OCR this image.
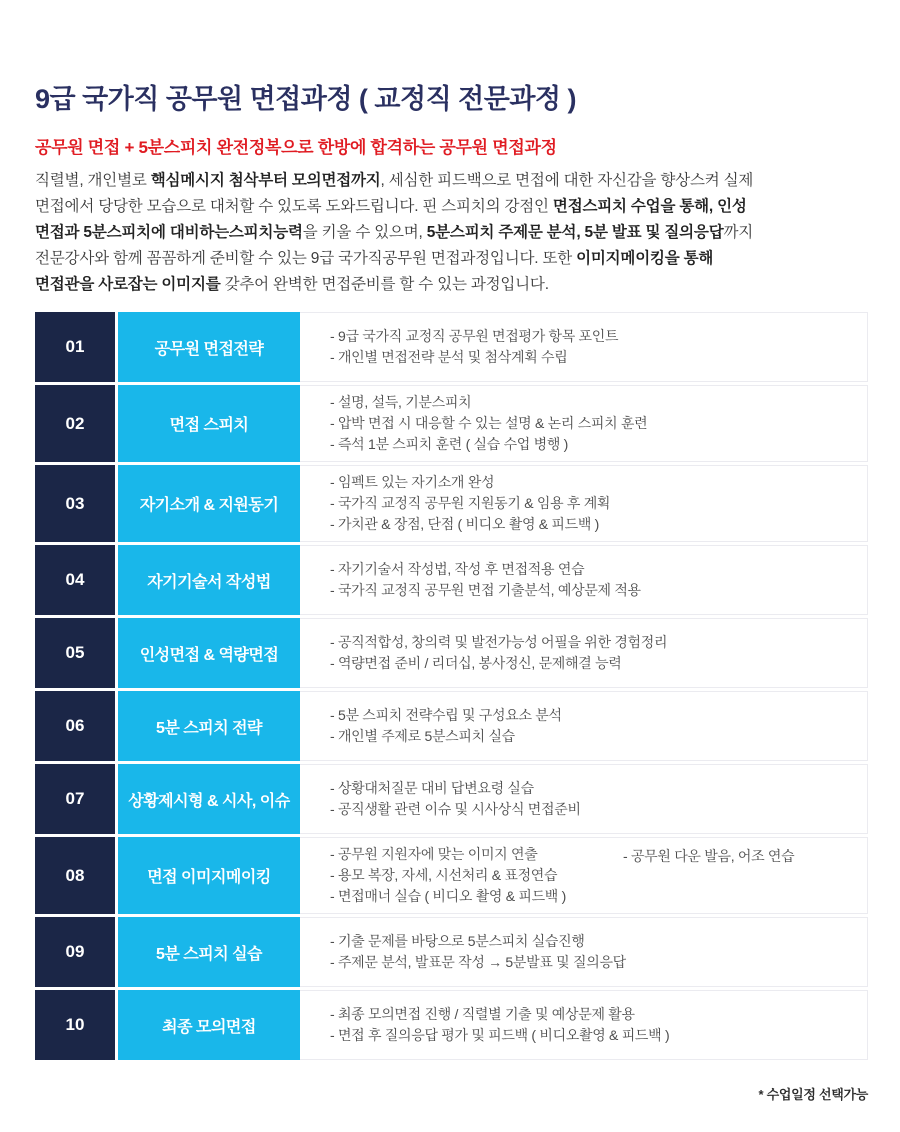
9급 국가직 공무원 면접과정 ( 교정직 전문과정 )
공무원 면접 + 5분스피치 완전정복으로 한방에 합격하는 공무원 면접과정
직렬별, 개인별로 핵심메시지 첨삭부터 모의면접까지, 세심한 피드백으로 면접에 대한 자신감을 향상스켜 실제
면접에서 당당한 모습으로 대처할 수 있도록 도와드립니다. 핀 스피치의 강점인 면접스피치 수업을 통해, 인성
면접과 5분스피치에 대비하는스피치능력을 키울 수 있으며, 5분스피치 주제문 분석, 5분 발표 및 질의응답까지
전문강사와 함께 꼼꼼하게 준비할 수 있는 9급 국가직공무원 면접과정입니다. 또한 이미지메이킹을 통해
면접관을 사로잡는 이미지를 갖추어 완벽한 면접준비를 할 수 있는 과정입니다.
01	공무원 면접전략
- 9급 국가직 교정직 공무원 면접평가 항목 포인트
- 개인별 면접전략 분석 및 첨삭계획 수립
02	면접 스피치
- 설명, 설득, 기분스피치
- 압박 면접 시 대응할 수 있는 설명 & 논리 스피치 훈련
- 즉석 1분 스피치 훈련 ( 실습 수업 병행 )
03	자기소개 & 지원동기
- 임펙트 있는 자기소개 완성
- 국가직 교정직 공무원 지원동기 & 임용 후 계획
- 가치관 & 장점, 단점 ( 비디오 촬영 & 피드백 )
04	자기기술서 작성법
- 자기기술서 작성법, 작성 후 면접적용 연습
- 국가직 교정직 공무원 면접 기출분석, 예상문제 적용
05	인성면접 & 역량면접
- 공직적합성, 창의력 및 발전가능성 어필을 위한 경험정리
- 역량면접 준비 / 리더십, 봉사정신, 문제해결 능력
06	5분 스피치 전략
- 5분 스피치 전략수립 및 구성요소 분석
- 개인별 주제로 5분스피치 실습
07	상황제시형 & 시사, 이슈
- 상황대처질문 대비 답변요령 실습
- 공직생활 관련 이슈 및 시사상식 면접준비
08	면접 이미지메이킹
- 공무원 지원자에 맞는 이미지 연출
- 용모 복장, 자세, 시선처리 & 표정연습
- 면접매너 실습 ( 비디오 촬영 & 피드백 )
- 공무원 다운 발음, 어조 연습
09	5분 스피치 실습
- 기출 문제를 바탕으로 5분스피치 실습진행
- 주제문 분석, 발표문 작성 → 5분발표 및 질의응답
10	최종 모의면접
- 최종 모의면접 진행 / 직렬별 기출 및 예상문제 활용
- 면접 후 질의응답 평가 및 피드백 ( 비디오촬영 & 피드백 )
* 수업일정 선택가능
